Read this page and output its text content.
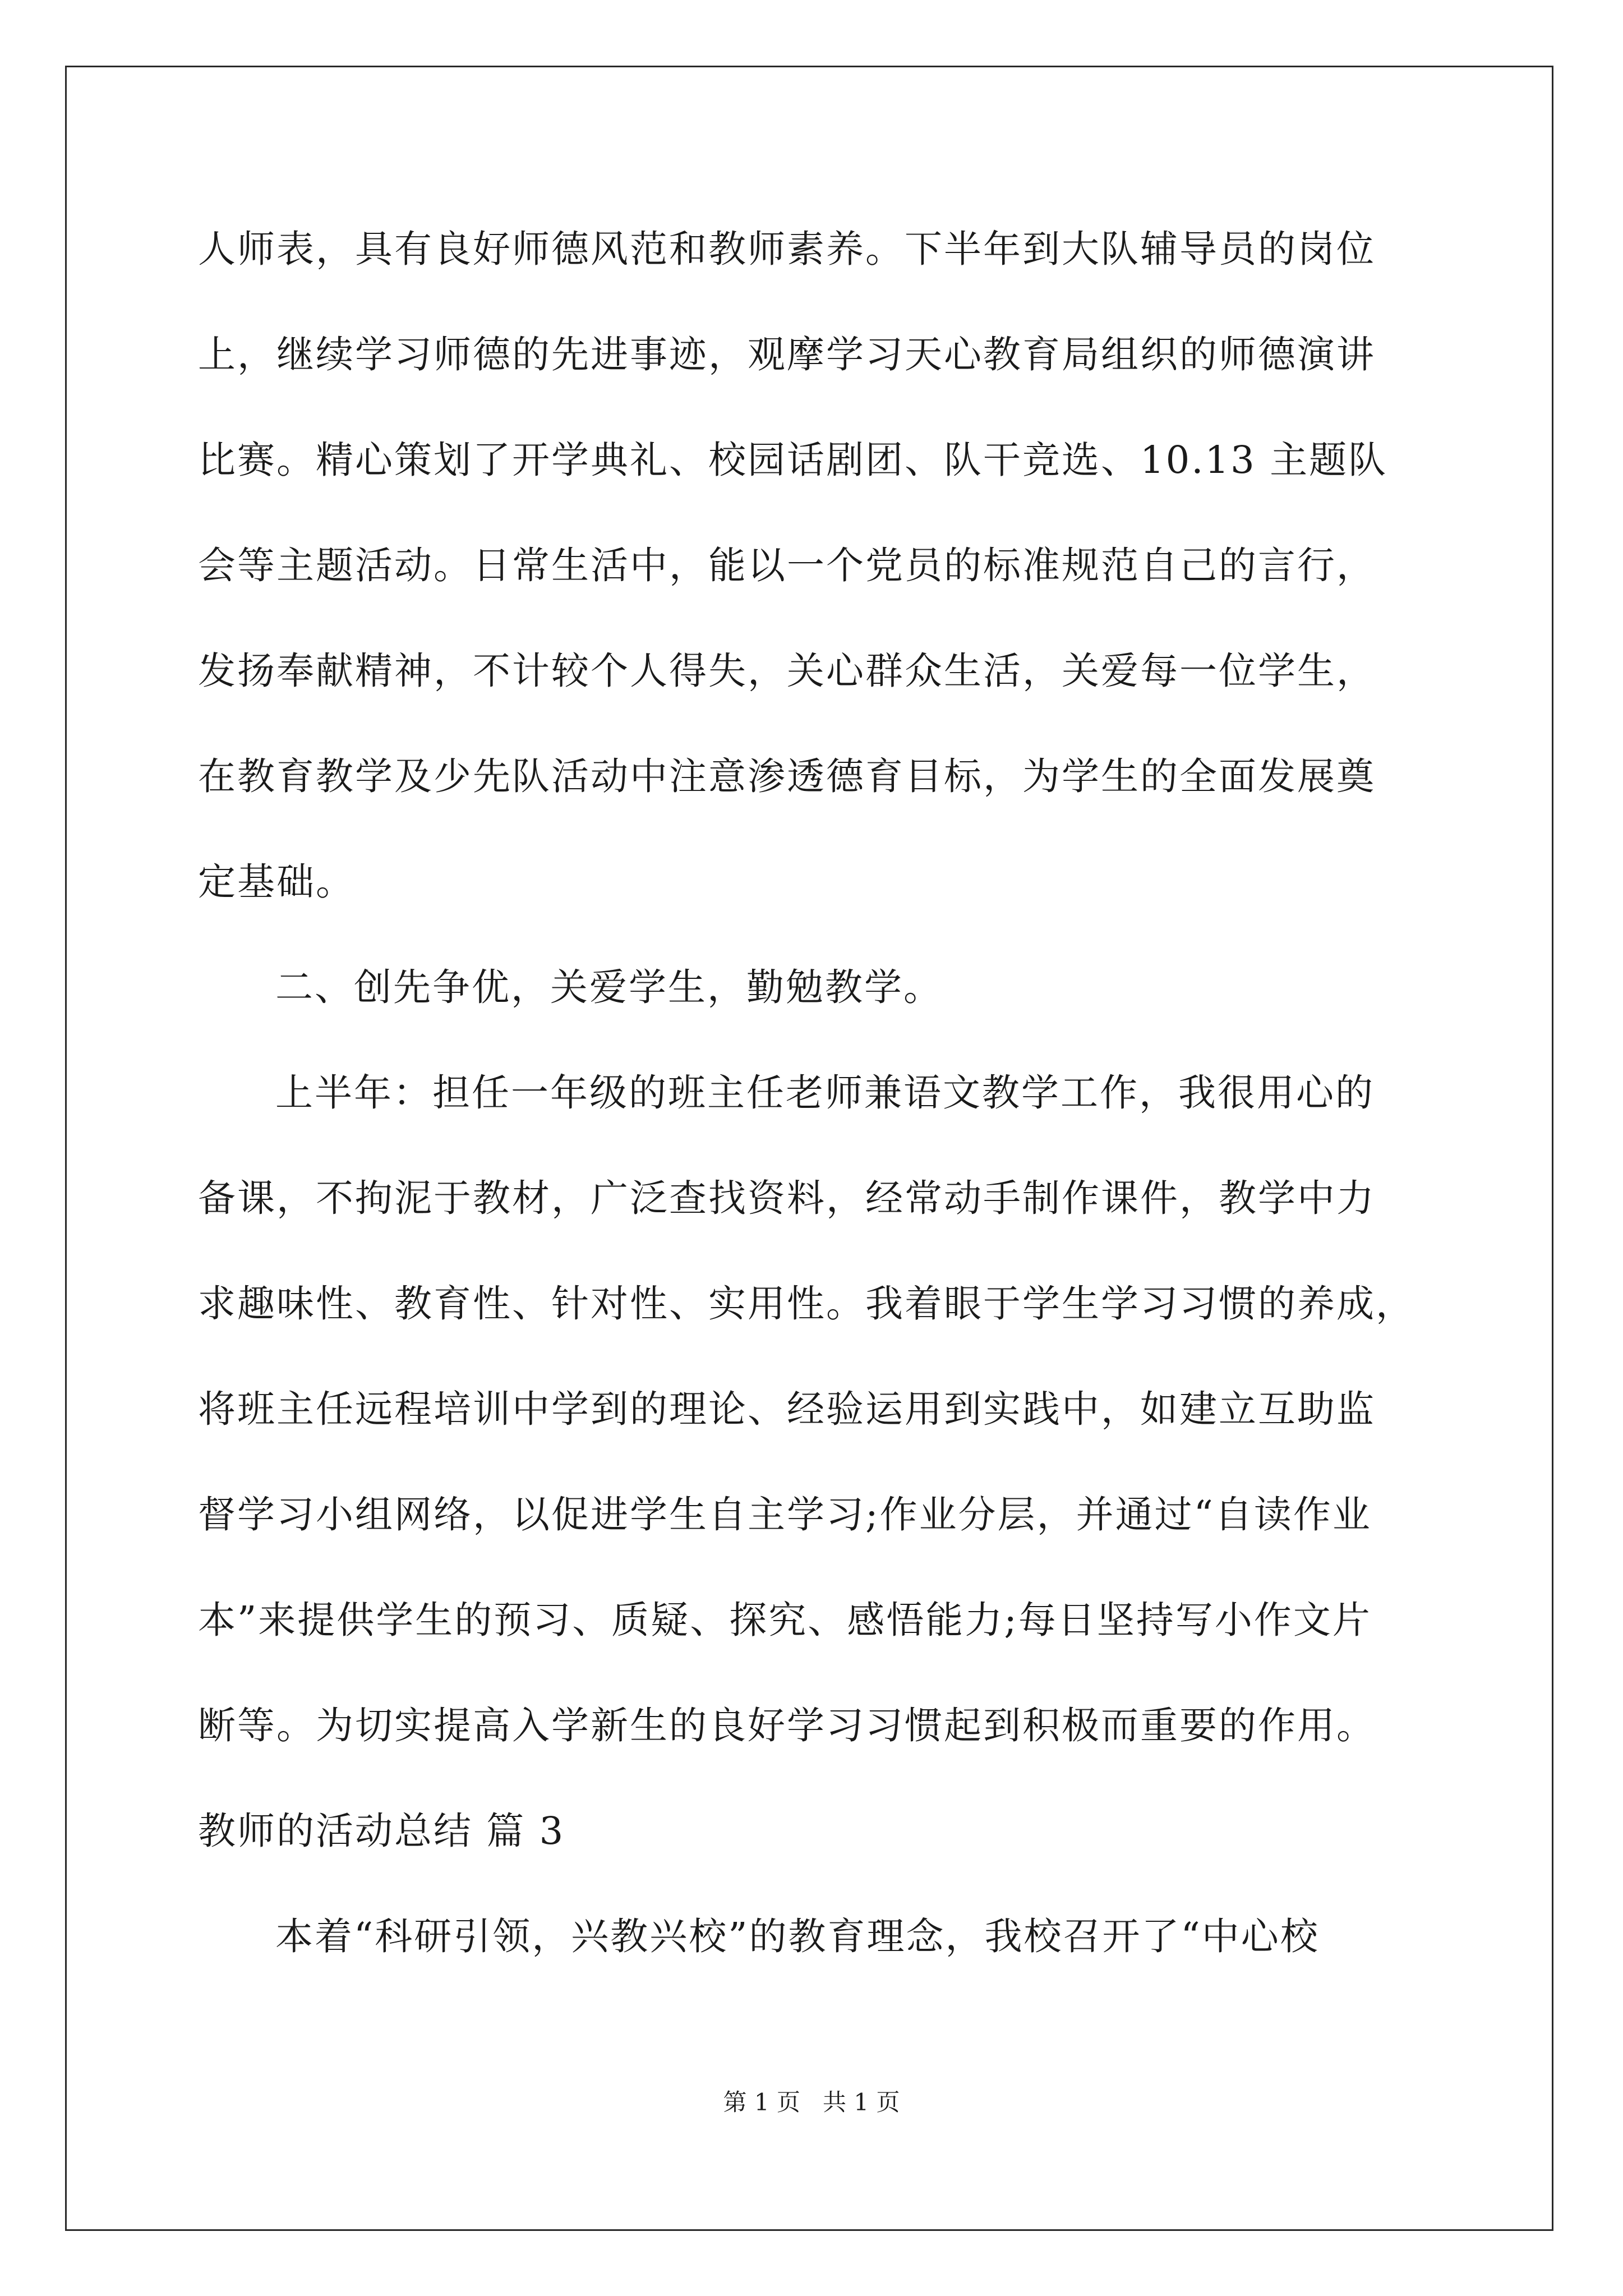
人师表，具有良好师德风范和教师素养。下半年到大队辅导员的岗位
上，继续学习师德的先进事迹，观摩学习天心教育局组织的师德演讲
比赛。精心策划了开学典礼、校园话剧团、队干竞选、10.13 主题队
会等主题活动。日常生活中，能以一个党员的标准规范自己的言行，
发扬奉献精神，不计较个人得失，关心群众生活，关爱每一位学生，
在教育教学及少先队活动中注意渗透德育目标，为学生的全面发展奠
定基础。
二、创先争优，关爱学生，勤勉教学。
上半年：担任一年级的班主任老师兼语文教学工作，我很用心的
备课，不拘泥于教材，广泛查找资料，经常动手制作课件，教学中力
求趣味性、教育性、针对性、实用性。我着眼于学生学习习惯的养成，
将班主任远程培训中学到的理论、经验运用到实践中，如建立互助监
督学习小组网络，以促进学生自主学习;作业分层，并通过“自读作业
本”来提供学生的预习、质疑、探究、感悟能力;每日坚持写小作文片
断等。为切实提高入学新生的良好学习习惯起到积极而重要的作用。
教师的活动总结 篇 3
本着“科研引领，兴教兴校”的教育理念，我校召开了“中心校
第 1 页   共 1 页
